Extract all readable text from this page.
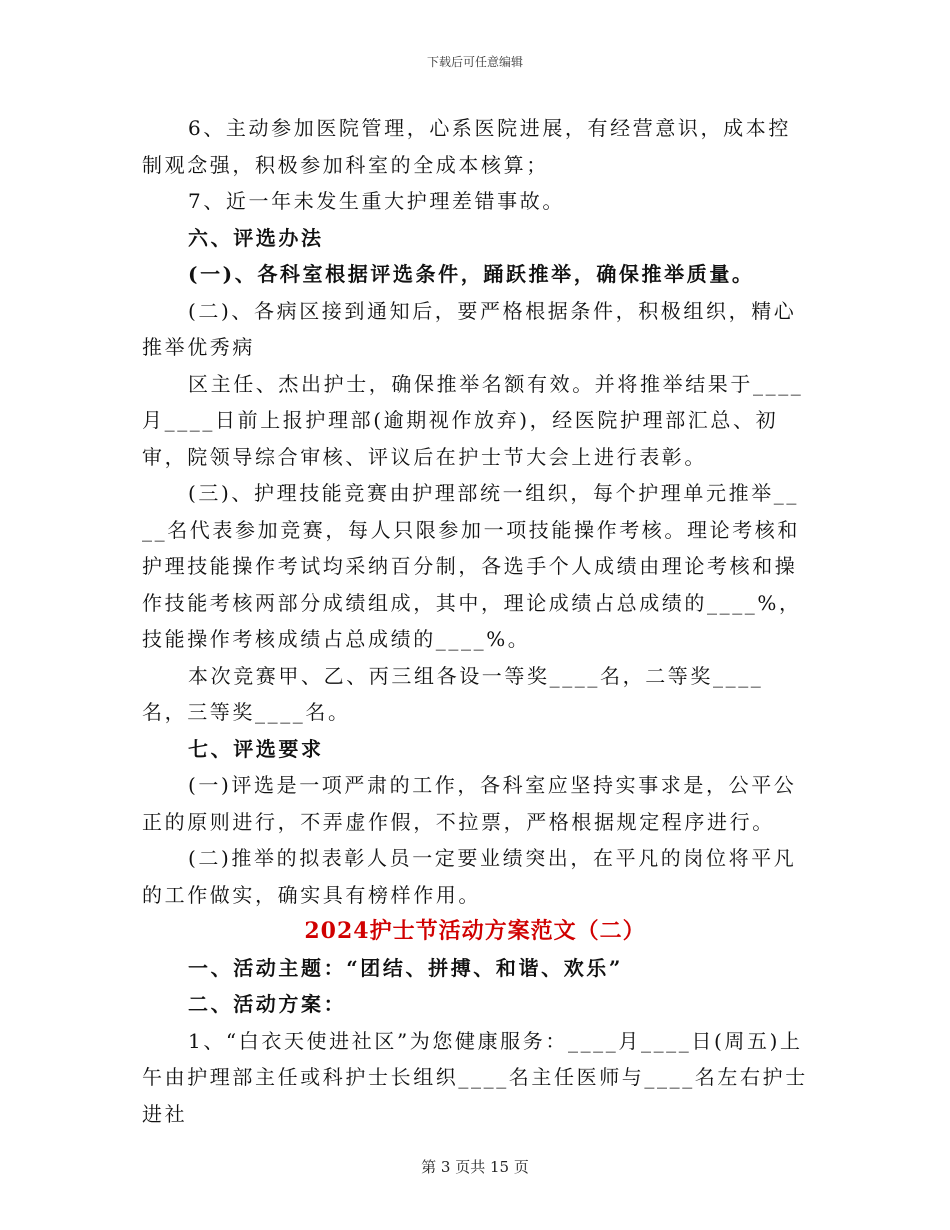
下载后可任意编辑

6、主动参加医院管理，心系医院进展，有经营意识，成本控制观念强，积极参加科室的全成本核算；

7、近一年未发生重大护理差错事故。

六、评选办法

(一)、各科室根据评选条件，踊跃推举，确保推举质量。

(二)、各病区接到通知后，要严格根据条件，积极组织，精心推举优秀病

区主任、杰出护士，确保推举名额有效。并将推举结果于____月____日前上报护理部(逾期视作放弃)，经医院护理部汇总、初审，院领导综合审核、评议后在护士节大会上进行表彰。

(三)、护理技能竞赛由护理部统一组织，每个护理单元推举____名代表参加竞赛，每人只限参加一项技能操作考核。理论考核和护理技能操作考试均采纳百分制，各选手个人成绩由理论考核和操作技能考核两部分成绩组成，其中，理论成绩占总成绩的____%，技能操作考核成绩占总成绩的____%。

本次竞赛甲、乙、丙三组各设一等奖____名，二等奖____名，三等奖____名。

七、评选要求

(一)评选是一项严肃的工作，各科室应坚持实事求是，公平公正的原则进行，不弄虚作假，不拉票，严格根据规定程序进行。

(二)推举的拟表彰人员一定要业绩突出，在平凡的岗位将平凡的工作做实，确实具有榜样作用。

2024护士节活动方案范文（二）

一、活动主题：“团结、拼搏、和谐、欢乐”

二、活动方案：

1、“白衣天使进社区”为您健康服务：____月____日(周五)上午由护理部主任或科护士长组织____名主任医师与____名左右护士进社

第 3 页共 15 页
